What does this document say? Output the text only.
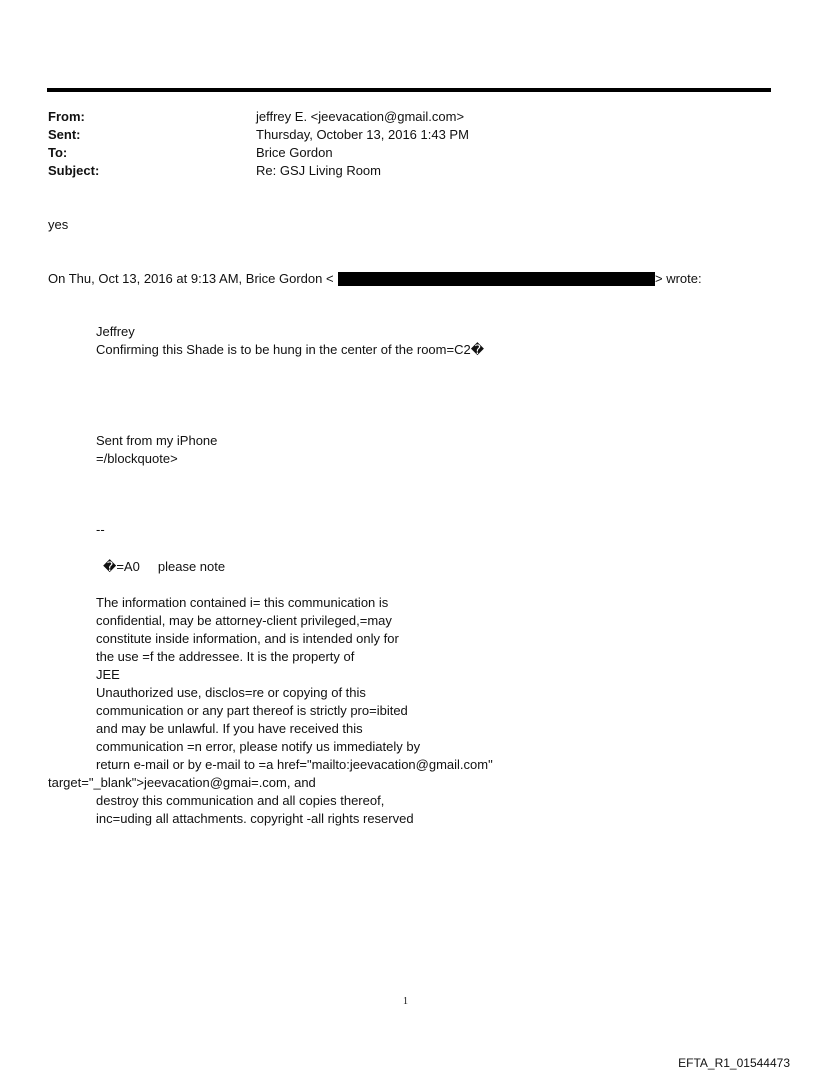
From:	jeffrey E. <jeevacation@gmail.com>
Sent:	Thursday, October 13, 2016 1:43 PM
To:	Brice Gordon
Subject:	Re: GSJ Living Room
yes
On Thu, Oct 13, 2016 at 9:13 AM, Brice Gordon <	> wrote:
Jeffrey
Confirming this Shade is to be hung in the center of the room=C2�
Sent from my iPhone
=/blockquote>
--
�=A0     please note
The information contained i= this communication is
confidential, may be attorney-client privileged,=may
constitute inside information, and is intended only for
the use =f the addressee. It is the property of
JEE
Unauthorized use, disclos=re or copying of this
communication or any part thereof is strictly pro=ibited
and may be unlawful. If you have received this
communication =n error, please notify us immediately by
return e-mail or by e-mail to =a href="mailto:jeevacation@gmail.com"
target="_blank">jeevacation@gmai=.com, and
destroy this communication and all copies thereof,
inc=uding all attachments. copyright -all rights reserved
1
EFTA_R1_01544473
